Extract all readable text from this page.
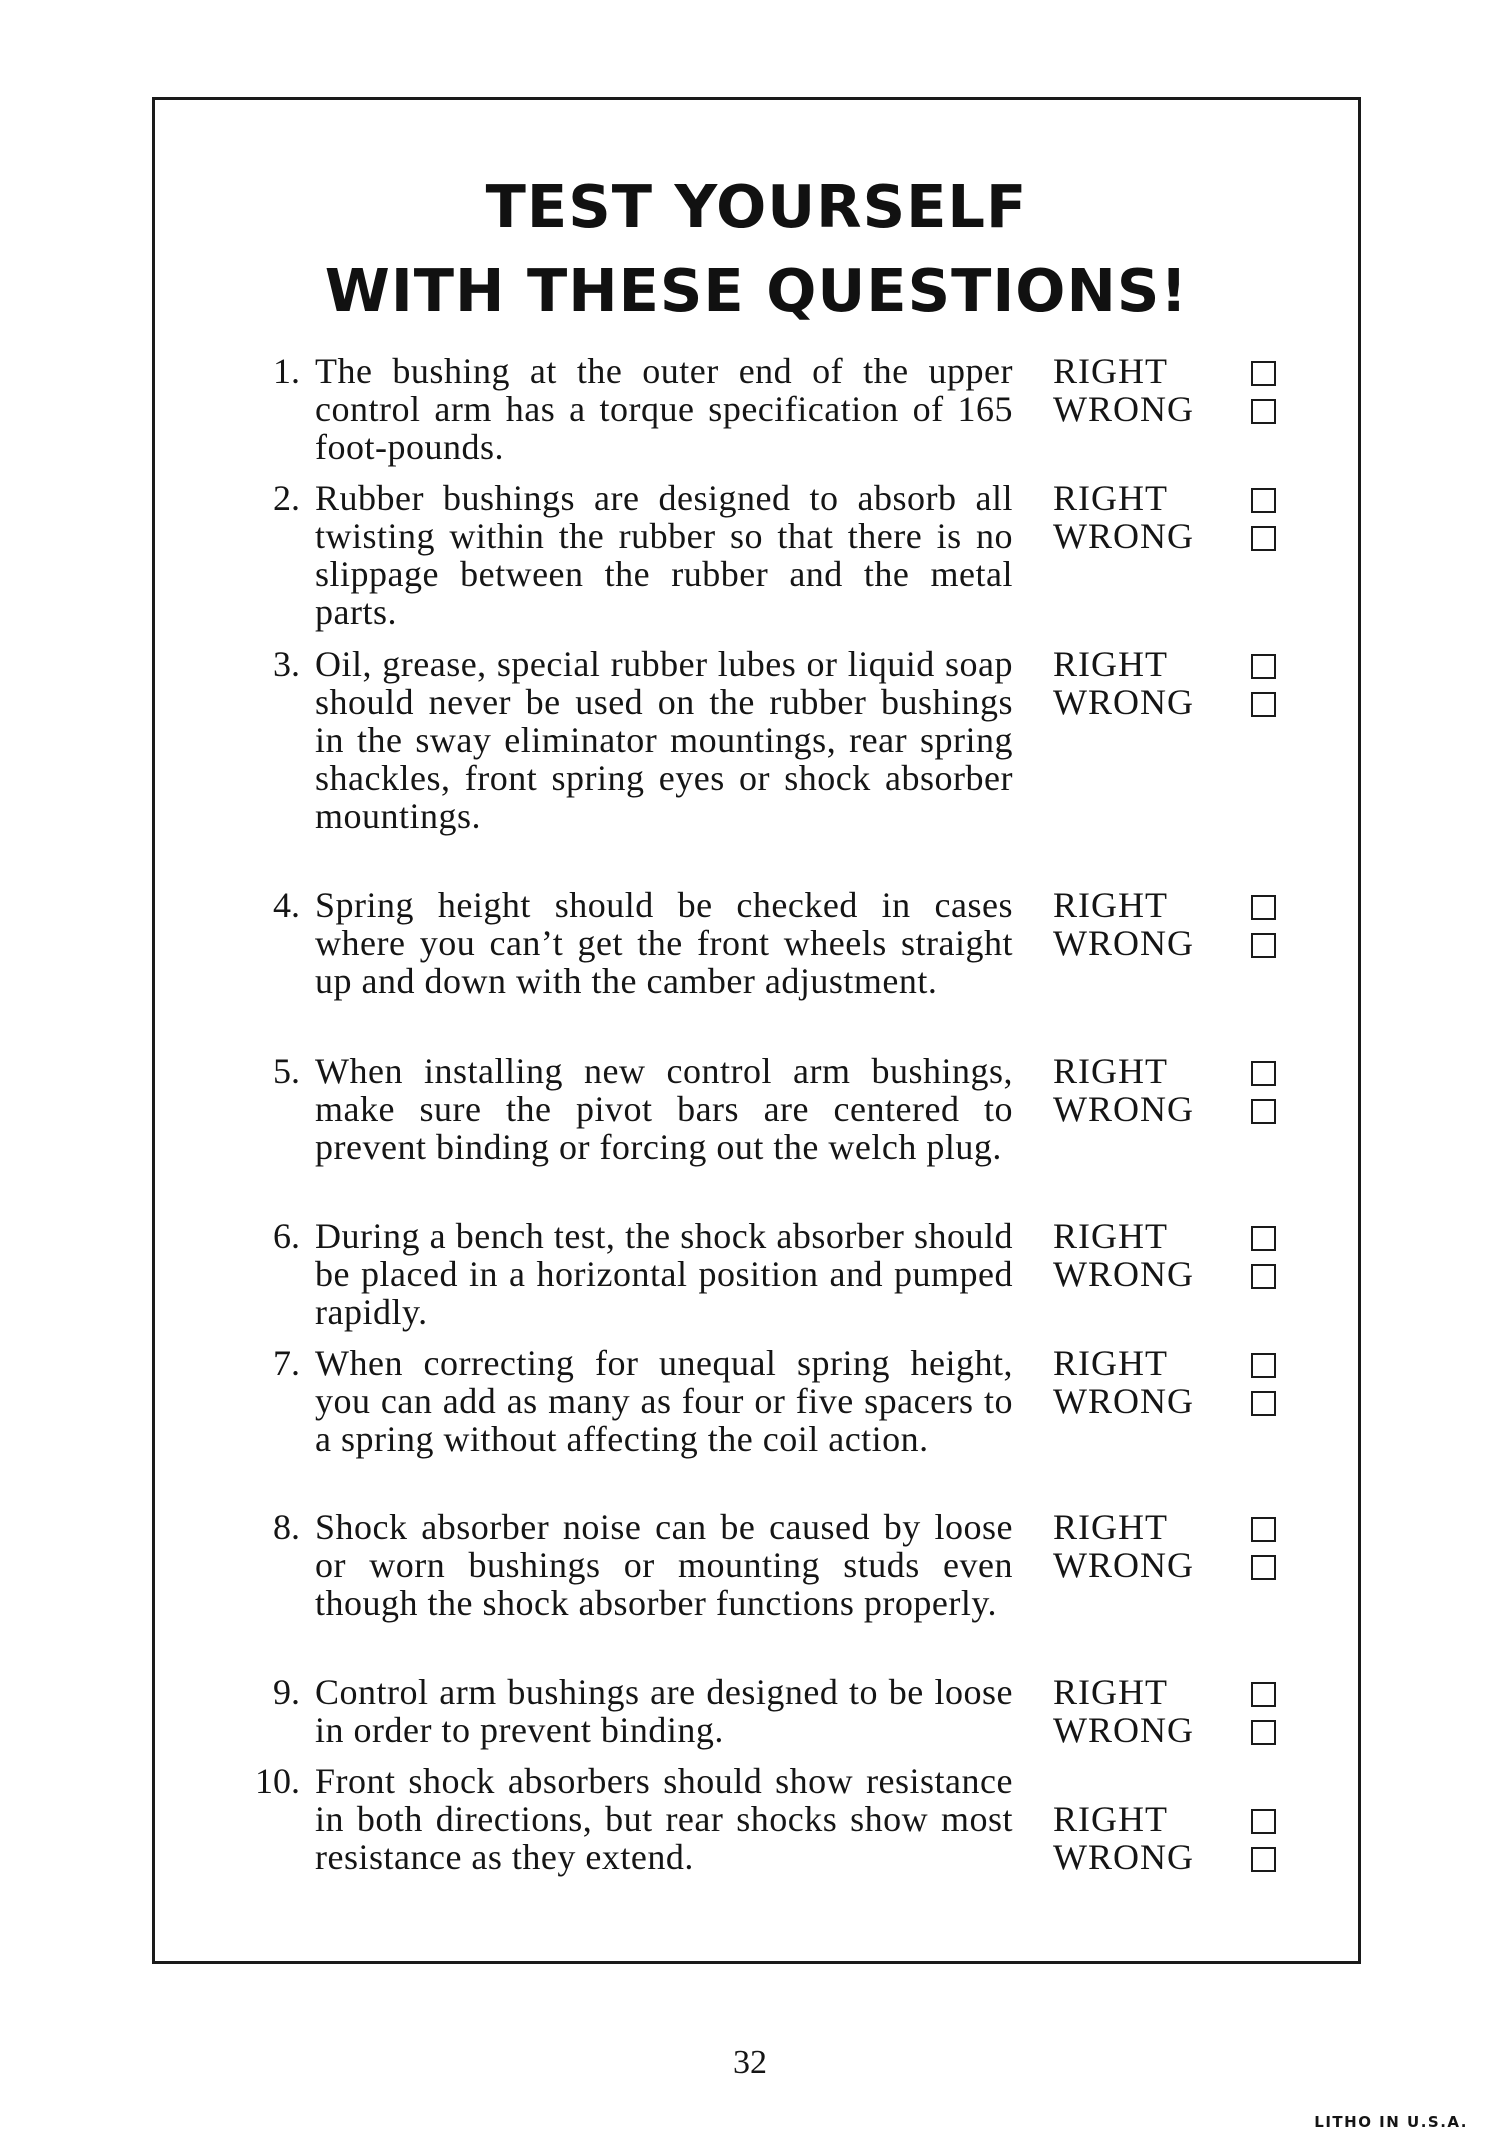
TEST YOURSELF
WITH THESE QUESTIONS!
1. The bushing at the outer end of the upper control arm has a torque specification of 165 foot-pounds.
RIGHT
WRONG
2. Rubber bushings are designed to absorb all twisting within the rubber so that there is no slippage between the rubber and the metal parts.
RIGHT
WRONG
3. Oil, grease, special rubber lubes or liquid soap should never be used on the rubber bushings in the sway eliminator mountings, rear spring shackles, front spring eyes or shock absorber mountings.
RIGHT
WRONG
4. Spring height should be checked in cases where you can’t get the front wheels straight up and down with the camber adjustment.
RIGHT
WRONG
5. When installing new control arm bushings, make sure the pivot bars are centered to prevent binding or forcing out the welch plug.
RIGHT
WRONG
6. During a bench test, the shock absorber should be placed in a horizontal position and pumped rapidly.
RIGHT
WRONG
7. When correcting for unequal spring height, you can add as many as four or five spacers to a spring without affecting the coil action.
RIGHT
WRONG
8. Shock absorber noise can be caused by loose or worn bushings or mounting studs even though the shock absorber functions properly.
RIGHT
WRONG
9. Control arm bushings are designed to be loose in order to prevent binding.
RIGHT
WRONG
10. Front shock absorbers should show resistance in both directions, but rear shocks show most resistance as they extend.
RIGHT
WRONG
32
LITHO IN U.S.A.
